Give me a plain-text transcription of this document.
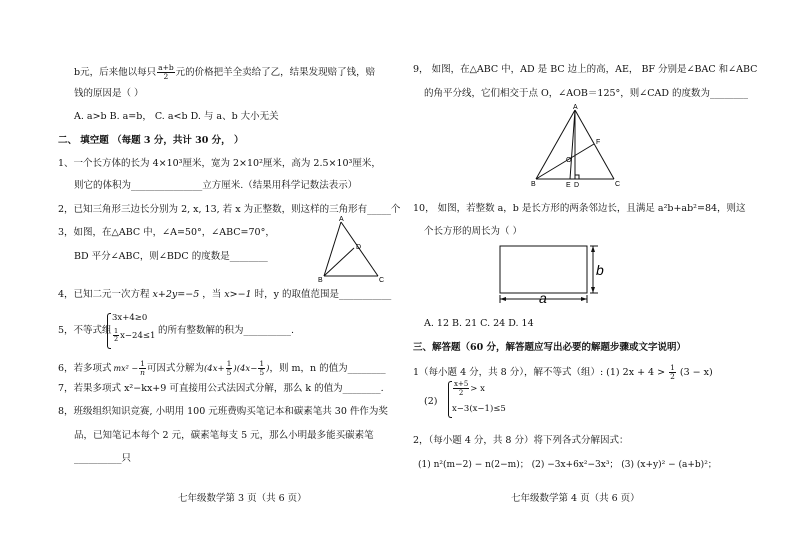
b元，后来他以每只 $\frac{a+b}{2}$ 元的价格把羊全卖给了乙，结果发现赔了钱，赔
钱的原因是（ ）
A. a>b B. a=b， C. a<b D. 与 a、b 大小无关
二、 填空题 （每题 3 分，共计 30 分， ）
1、一个长方体的长为 4×10³厘米，宽为 2×10²厘米，高为 2.5×10³厘米，
则它的体积为_______________立方厘米.（结果用科学记数法表示）
2，已知三角形三边长分别为 2, x, 13, 若 x 为正整数，则这样的三角形有_____个
3，如图，在△ABC 中，∠A=50°，∠ABC=70°，
BD 平分∠ABC，则∠BDC 的度数是________
A
D
B	C
4，已知二元一次方程 x+2y=−5 ，当 x>−1 时，y 的取值范围是___________
5，不等式组
3x+4≥0
$\frac{1}{2} x-24\le 1$ 的所有整数解的积为__________.
6，若多项式 $mx^2 - \frac{1}{n}$ 可因式分解为$(4x+ \frac{1}{5} )(4x- \frac{1}{5}$ )，则 m，n 的值为________
7，若果多项式 x²−kx+9 可直接用公式法因式分解，那么 k 的值为________.
8，班级组织知识竞赛, 小明用 100 元班费购买笔记本和碳素笔共 30 件作为奖
品，已知笔记本每个 2 元，碳素笔每支 5 元，那么小明最多能买碳素笔
__________只
七年级数学第 3 页（共 6 页）
9， 如图，在△ABC 中，AD 是 BC 边上的高，AE， BF 分别是∠BAC 和∠ABC
的角平分线，它们相交于点 O，∠AOB＝125°，则∠CAD 的度数为________
A
F
O
B	E D	C
10， 如图，若整数 a，b 是长方形的两条邻边长，且满足 a²b+ab²=84，则这
个长方形的周长为（ ）
b
a
A. 12 B. 21 C. 24 D. 14
三、解答题（60 分，解答题应写出必要的解题步骤或文字说明）
1（每小题 4 分，共 8 分），解不等式（组）: (1) $2x + 4 > \frac{1}{2} (3 - x)$
(2)
$\frac{x+5}{2} > x$
x−3(x−1)≤5
2，（每小题 4 分，共 8 分）将下列各式分解因式：
(1) n²(m−2) − n(2−m)； (2) −3x+6x²−3x³； (3) (x+y)² − (a+b)²；
七年级数学第 4 页（共 6 页）
